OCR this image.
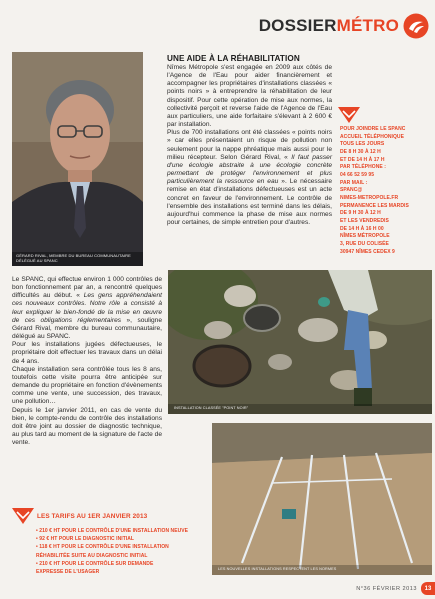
DOSSIERMÉTRO
GÉRARD RIVAL, MEMBRE DU BUREAU COMMUNAUTAIRE DÉLÉGUÉ AU SPANC
UNE AIDE À LA RÉHABILITATION

Nîmes Métropole s'est engagée en 2009 aux côtés de l'Agence de l'Eau pour aider financièrement et accompagner les propriétaires d'installations classées « points noirs » à entreprendre la réhabilitation de leur dispositif. Pour cette opération de mise aux normes, la collectivité perçoit et reverse l'aide de l'Agence de l'Eau aux particuliers, une aide forfaitaire s'élevant à 2 600 € par installation.

Plus de 700 installations ont été classées « points noirs » car elles présentaient un risque de pollution non seulement pour la nappe phréatique mais aussi pour le milieu récepteur. Selon Gérard Rival, « Il faut passer d'une écologie abstraite à une écologie concrète permettant de protéger l'environnement et plus particulièrement la ressource en eau ». Le nécessaire remise en état d'installations défectueuses est un acte concret en faveur de l'environnement. Le contrôle de l'ensemble des installations est terminé dans les délais, aujourd'hui commence la phase de mise aux normes pour certaines, de simple entretien pour d'autres.

POUR JOINDRE LE SPANC
ACCUEIL TÉLÉPHONIQUE
TOUS LES JOURS
DE 8 H 30 À 12 H
ET DE 14 H À 17 H
PAR TÉLÉPHONE :
04 66 52 59 95
PAR MAIL :
SPANC@
NIMES-METROPOLE.FR
PERMANENCE LES MARDIS
DE 9 H 30 À 12 H
ET LES VENDREDIS
DE 14 H À 16 H 00
NÎMES MÉTROPOLE
3, RUE DU COLISÉE
30947 NÎMES CEDEX 9

Le SPANC, qui effectue environ 1 000 contrôles de bon fonctionnement par an, a rencontré quelques difficultés au début. « Les gens appréhendaient ces nouveaux contrôles. Notre rôle a consisté à leur expliquer le bien-fondé de la mise en œuvre de ces obligations réglementaires », souligne Gérard Rival, membre du bureau communautaire, délégué au SPANC.

Pour les installations jugées défectueuses, le propriétaire doit effectuer les travaux dans un délai de 4 ans.

Chaque installation sera contrôlée tous les 8 ans, toutefois cette visite pourra être anticipée sur demande du propriétaire en fonction d'évènements comme une vente, une succession, des travaux, une pollution…

Depuis le 1er janvier 2011, en cas de vente du bien, le compte-rendu de contrôle des installations doit être joint au dossier de diagnostic technique, au plus tard au moment de la signature de l'acte de vente.

INSTALLATION CLASSÉE "POINT NOIR"
LES NOUVELLES INSTALLATIONS RESPECTENT LES NORMES
LES TARIFS AU 1ER JANVIER 2013
• 210 € HT POUR LE CONTRÔLE D'UNE INSTALLATION NEUVE
• 92 € HT POUR LE DIAGNOSTIC INITIAL
• 118 € HT POUR LE CONTRÔLE D'UNE INSTALLATION
RÉHABILITÉE SUITE AU DIAGNOSTIC INITIAL
• 210 € HT POUR LE CONTRÔLE SUR DEMANDE
EXPRESSE DE L'USAGER
N°36 FÉVRIER 2013	13
